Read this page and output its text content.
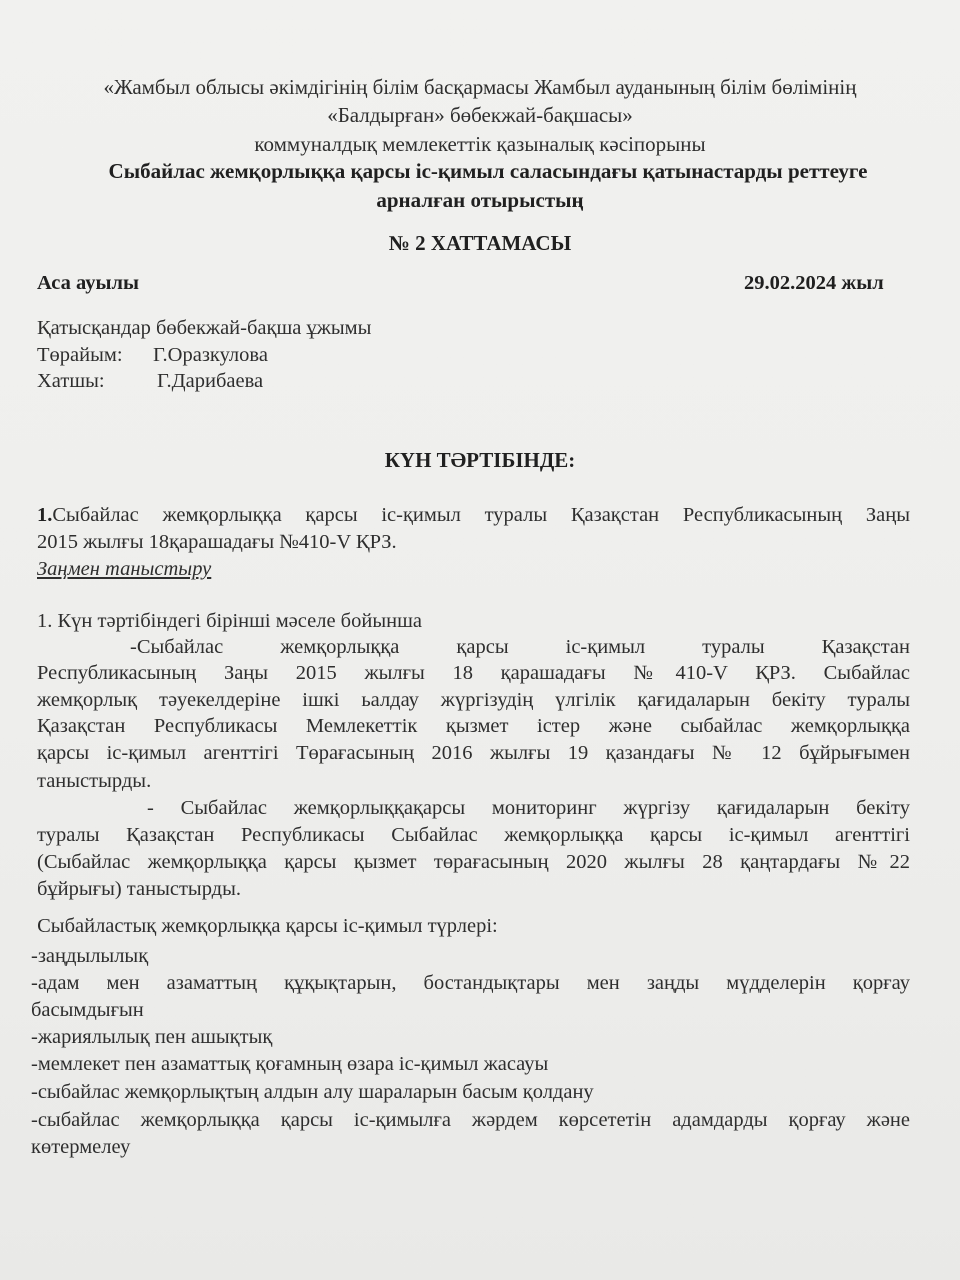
«Жамбыл облысы әкімдігінің білім басқармасы Жамбыл ауданының білім бөлімінің
«Балдырған» бөбекжай-бақшасы»
коммуналдық мемлекеттік қазыналық кәсіпорыны
Сыбайлас жемқорлыққа қарсы іс-қимыл саласындағы қатынастарды реттеуге
арналған отырыстың
№ 2 ХАТТАМАСЫ
Аса ауылы	29.02.2024 жыл
Қатысқандар бөбекжай-бақша ұжымы
Төрайым: Г.Оразкулова
Хатшы:	Г.Дарибаева
КҮН ТӘРТІБІНДЕ:
1.Сыбайлас жемқорлыққа қарсы іс-қимыл туралы Қазақстан Республикасының Заңы
2015 жылғы 18қарашадағы №410-V ҚРЗ.
Заңмен таныстыру
1. Күн тәртібіндегі бірінші мәселе бойынша
-Сыбайлас жемқорлыққа қарсы іс-қимыл туралы Қазақстан
Республикасының Заңы 2015 жылғы 18 қарашадағы №410-V ҚРЗ. Сыбайлас
жемқорлық тәуекелдеріне ішкі ьалдау жүргізудің үлгілік қағидаларын бекіту туралы
Қазақстан Республикасы Мемлекеттік қызмет істер және сыбайлас жемқорлыққа
қарсы іс-қимыл агенттігі Төрағасының 2016 жылғы 19 қазандағы № 12 бұйрығымен
таныстырды.
- Сыбайлас жемқорлыққақарсы мониторинг жүргізу қағидаларын бекіту
туралы Қазақстан Республикасы Сыбайлас жемқорлыққа қарсы іс-қимыл агенттігі
(Сыбайлас жемқорлыққа қарсы қызмет төрағасының 2020 жылғы 28 қаңтардағы №22
бұйрығы) таныстырды.
Сыбайластық жемқорлыққа қарсы іс-қимыл түрлері:
-заңдылылық
-адам мен азаматтың құқықтарын, бостандықтары мен заңды мүдделерін қорғау
басымдығын
-жариялылық пен ашықтық
-мемлекет пен азаматтық қоғамның өзара іс-қимыл жасауы
-сыбайлас жемқорлықтың алдын алу шараларын басым қолдану
-сыбайлас жемқорлыққа қарсы іс-қимылға жәрдем көрсететін адамдарды қорғау және
көтермелеу
